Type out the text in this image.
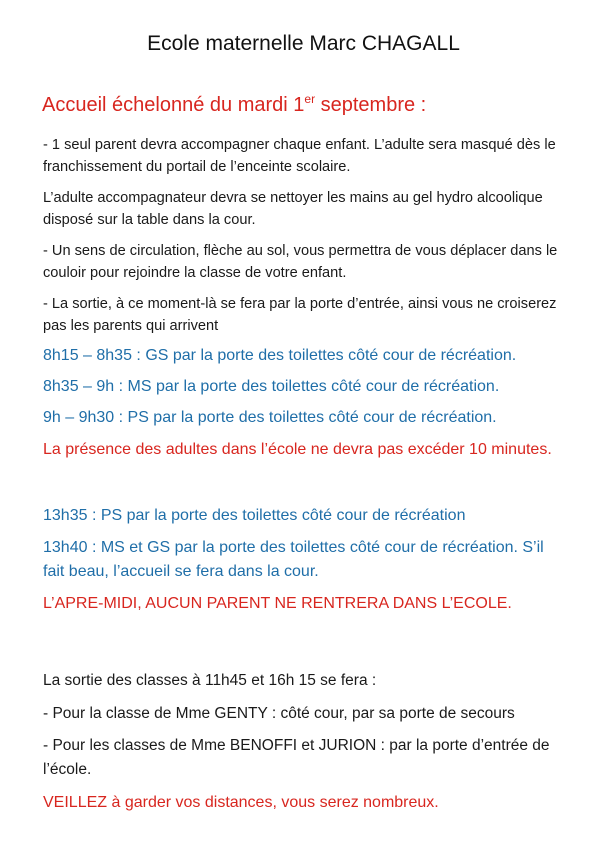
Ecole maternelle Marc CHAGALL
Accueil échelonné du mardi 1er septembre :
- 1 seul parent devra accompagner chaque enfant. L’adulte sera masqué dès le
franchissement du portail de l’enceinte scolaire.
L’adulte accompagnateur devra se nettoyer les mains au gel hydro alcoolique
disposé sur la table dans la cour.
- Un sens de circulation, flèche au sol, vous permettra de vous déplacer dans le
couloir pour rejoindre la classe de votre enfant.
- La sortie, à ce moment-là se fera par la porte d’entrée, ainsi vous ne croiserez
pas les parents qui arrivent
8h15 – 8h35 : GS par la porte des toilettes côté cour de récréation.
8h35 – 9h : MS par la porte des toilettes côté cour de récréation.
9h – 9h30 : PS par la porte des toilettes côté cour de récréation.
La présence des adultes dans l’école ne devra pas excéder 10 minutes.
13h35 : PS par la porte des toilettes côté cour de récréation
13h40 : MS et GS par la porte des toilettes côté cour de récréation. S’il
fait beau, l’accueil se fera dans la cour.
L’APRE-MIDI, AUCUN PARENT NE RENTRERA DANS L’ECOLE.
La sortie des classes à 11h45 et 16h 15 se fera :
- Pour la classe de Mme GENTY : côté cour, par sa porte de secours
- Pour les classes de Mme BENOFFI et JURION : par la porte d’entrée de
l’école.
VEILLEZ à garder vos distances, vous serez nombreux.
